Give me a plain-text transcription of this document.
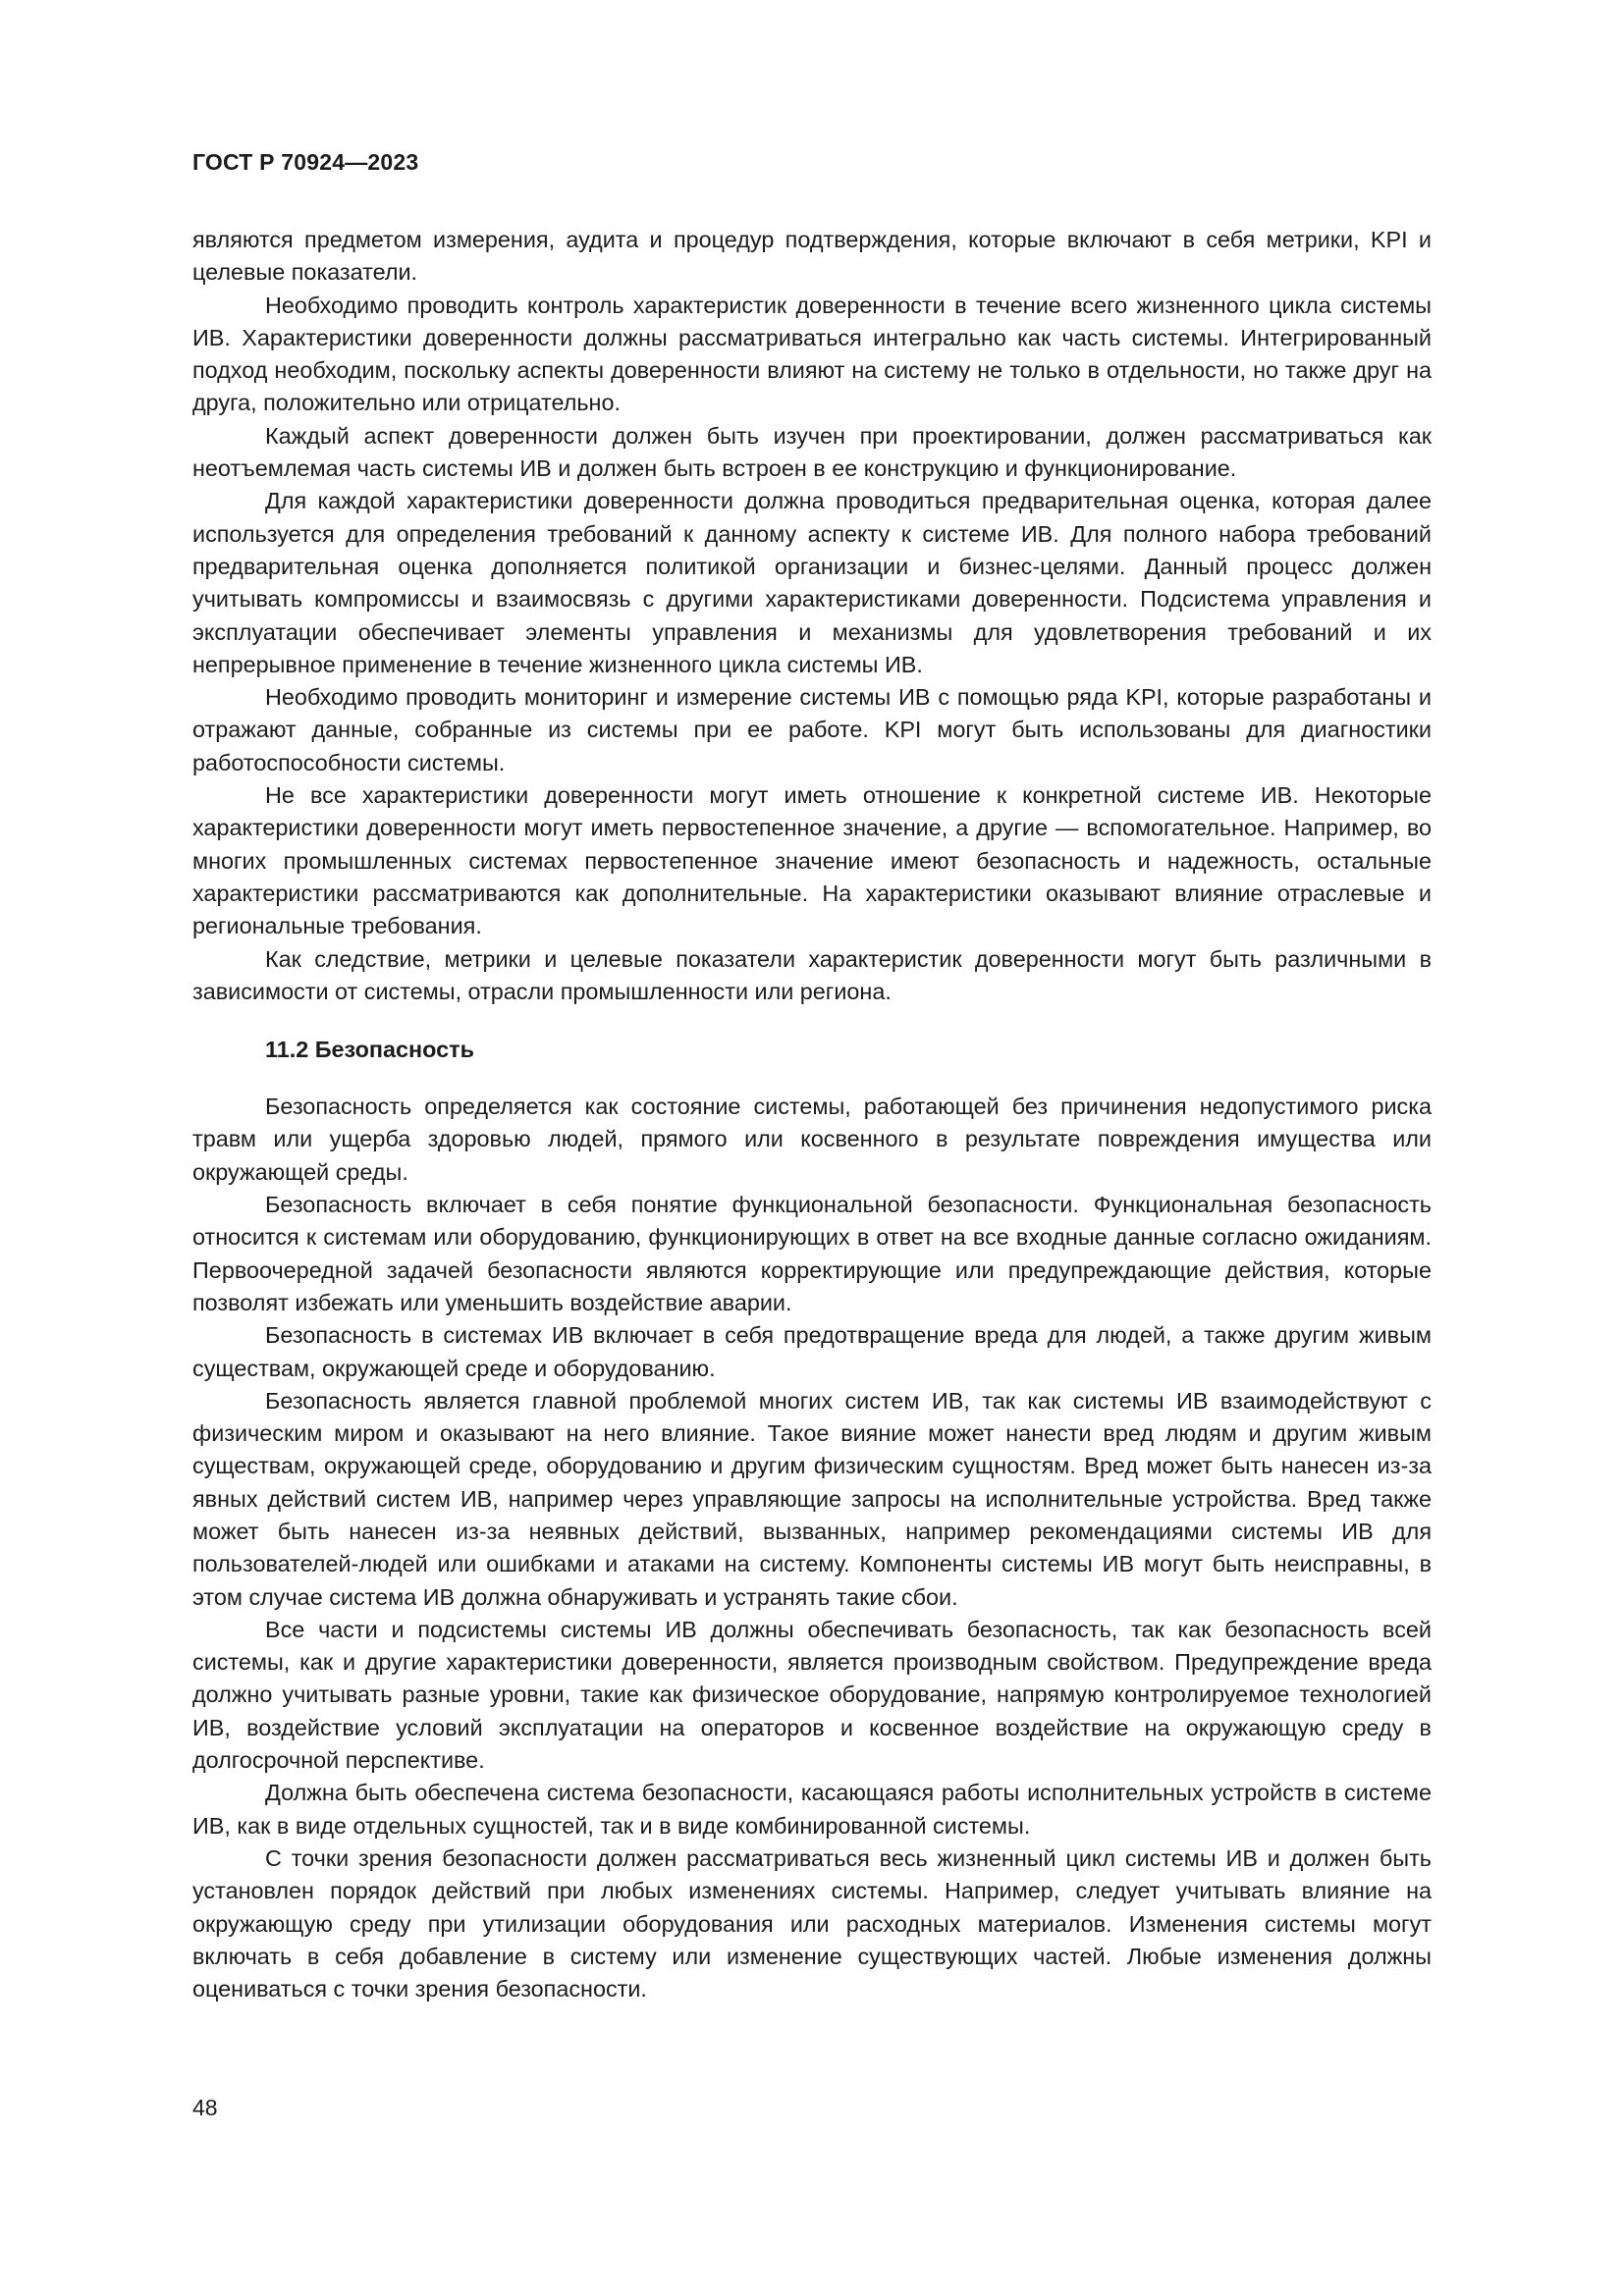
ГОСТ Р 70924—2023

являются предметом измерения, аудита и процедур подтверждения, которые включают в себя метрики, KPI и целевые показатели.

Необходимо проводить контроль характеристик доверенности в течение всего жизненного цикла системы ИВ. Характеристики доверенности должны рассматриваться интегрально как часть системы. Интегрированный подход необходим, поскольку аспекты доверенности влияют на систему не только в отдельности, но также друг на друга, положительно или отрицательно.

Каждый аспект доверенности должен быть изучен при проектировании, должен рассматриваться как неотъемлемая часть системы ИВ и должен быть встроен в ее конструкцию и функционирование.

Для каждой характеристики доверенности должна проводиться предварительная оценка, которая далее используется для определения требований к данному аспекту к системе ИВ. Для полного набора требований предварительная оценка дополняется политикой организации и бизнес-целями. Данный процесс должен учитывать компромиссы и взаимосвязь с другими характеристиками доверенности. Подсистема управления и эксплуатации обеспечивает элементы управления и механизмы для удовлетворения требований и их непрерывное применение в течение жизненного цикла системы ИВ.

Необходимо проводить мониторинг и измерение системы ИВ с помощью ряда KPI, которые разработаны и отражают данные, собранные из системы при ее работе. KPI могут быть использованы для диагностики работоспособности системы.

Не все характеристики доверенности могут иметь отношение к конкретной системе ИВ. Некоторые характеристики доверенности могут иметь первостепенное значение, а другие — вспомогательное. Например, во многих промышленных системах первостепенное значение имеют безопасность и надежность, остальные характеристики рассматриваются как дополнительные. На характеристики оказывают влияние отраслевые и региональные требования.

Как следствие, метрики и целевые показатели характеристик доверенности могут быть различными в зависимости от системы, отрасли промышленности или региона.

11.2 Безопасность

Безопасность определяется как состояние системы, работающей без причинения недопустимого риска травм или ущерба здоровью людей, прямого или косвенного в результате повреждения имущества или окружающей среды.

Безопасность включает в себя понятие функциональной безопасности. Функциональная безопасность относится к системам или оборудованию, функционирующих в ответ на все входные данные согласно ожиданиям. Первоочередной задачей безопасности являются корректирующие или предупреждающие действия, которые позволят избежать или уменьшить воздействие аварии.

Безопасность в системах ИВ включает в себя предотвращение вреда для людей, а также другим живым существам, окружающей среде и оборудованию.

Безопасность является главной проблемой многих систем ИВ, так как системы ИВ взаимодействуют с физическим миром и оказывают на него влияние. Такое вияние может нанести вред людям и другим живым существам, окружающей среде, оборудованию и другим физическим сущностям. Вред может быть нанесен из-за явных действий систем ИВ, например через управляющие запросы на исполнительные устройства. Вред также может быть нанесен из-за неявных действий, вызванных, например рекомендациями системы ИВ для пользователей-людей или ошибками и атаками на систему. Компоненты системы ИВ могут быть неисправны, в этом случае система ИВ должна обнаруживать и устранять такие сбои.

Все части и подсистемы системы ИВ должны обеспечивать безопасность, так как безопасность всей системы, как и другие характеристики доверенности, является производным свойством. Предупреждение вреда должно учитывать разные уровни, такие как физическое оборудование, напрямую контролируемое технологией ИВ, воздействие условий эксплуатации на операторов и косвенное воздействие на окружающую среду в долгосрочной перспективе.

Должна быть обеспечена система безопасности, касающаяся работы исполнительных устройств в системе ИВ, как в виде отдельных сущностей, так и в виде комбинированной системы.

С точки зрения безопасности должен рассматриваться весь жизненный цикл системы ИВ и должен быть установлен порядок действий при любых изменениях системы. Например, следует учитывать влияние на окружающую среду при утилизации оборудования или расходных материалов. Изменения системы могут включать в себя добавление в систему или изменение существующих частей. Любые изменения должны оцениваться с точки зрения безопасности.

48
